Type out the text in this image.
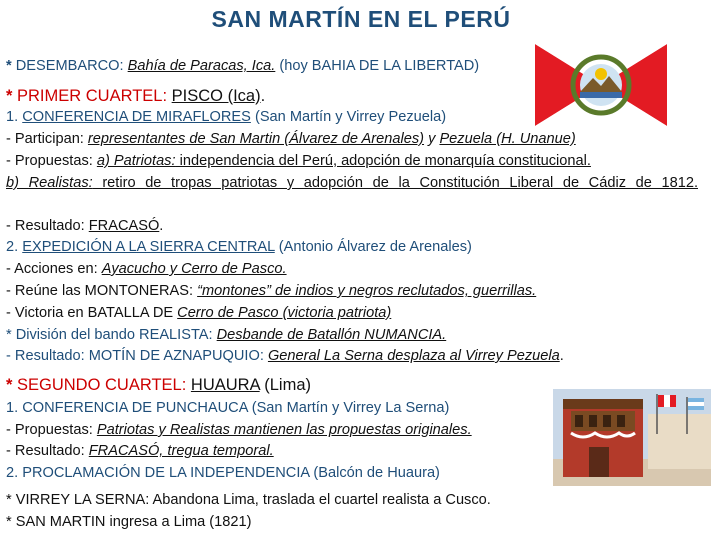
SAN MARTÍN EN EL PERÚ
* DESEMBARCO: Bahía de Paracas, Ica. (hoy BAHIA DE LA LIBERTAD)
* PRIMER CUARTEL: PISCO (Ica).
1. CONFERENCIA DE MIRAFLORES (San Martín y Virrey Pezuela)
- Participan: representantes de San Martin (Álvarez de Arenales) y Pezuela (H. Unanue)
- Propuestas: a) Patriotas: independencia del Perú, adopción de monarquía constitucional.
b) Realistas: retiro de tropas patriotas y adopción de la Constitución Liberal de Cádiz de 1812.
- Resultado: FRACASÓ.
2. EXPEDICIÓN A LA SIERRA CENTRAL (Antonio Álvarez de Arenales)
- Acciones en: Ayacucho y Cerro de Pasco.
- Reúne las MONTONERAS: “montones” de indios y negros reclutados, guerrillas.
- Victoria en BATALLA DE Cerro de Pasco (victoria patriota)
* División del bando REALISTA: Desbande de Batallón NUMANCIA.
- Resultado: MOTÍN DE AZNAPUQUIO: General La Serna desplaza al Virrey Pezuela.
* SEGUNDO CUARTEL: HUAURA (Lima)
1. CONFERENCIA DE PUNCHAUCA (San Martín y Virrey La Serna)
- Propuestas: Patriotas y Realistas mantienen las propuestas originales.
- Resultado: FRACASÓ, tregua temporal.
2. PROCLAMACIÓN DE LA INDEPENDENCIA (Balcón de Huaura)
* VIRREY LA SERNA: Abandona Lima, traslada el cuartel realista a Cusco.
* SAN MARTIN ingresa a Lima (1821)
